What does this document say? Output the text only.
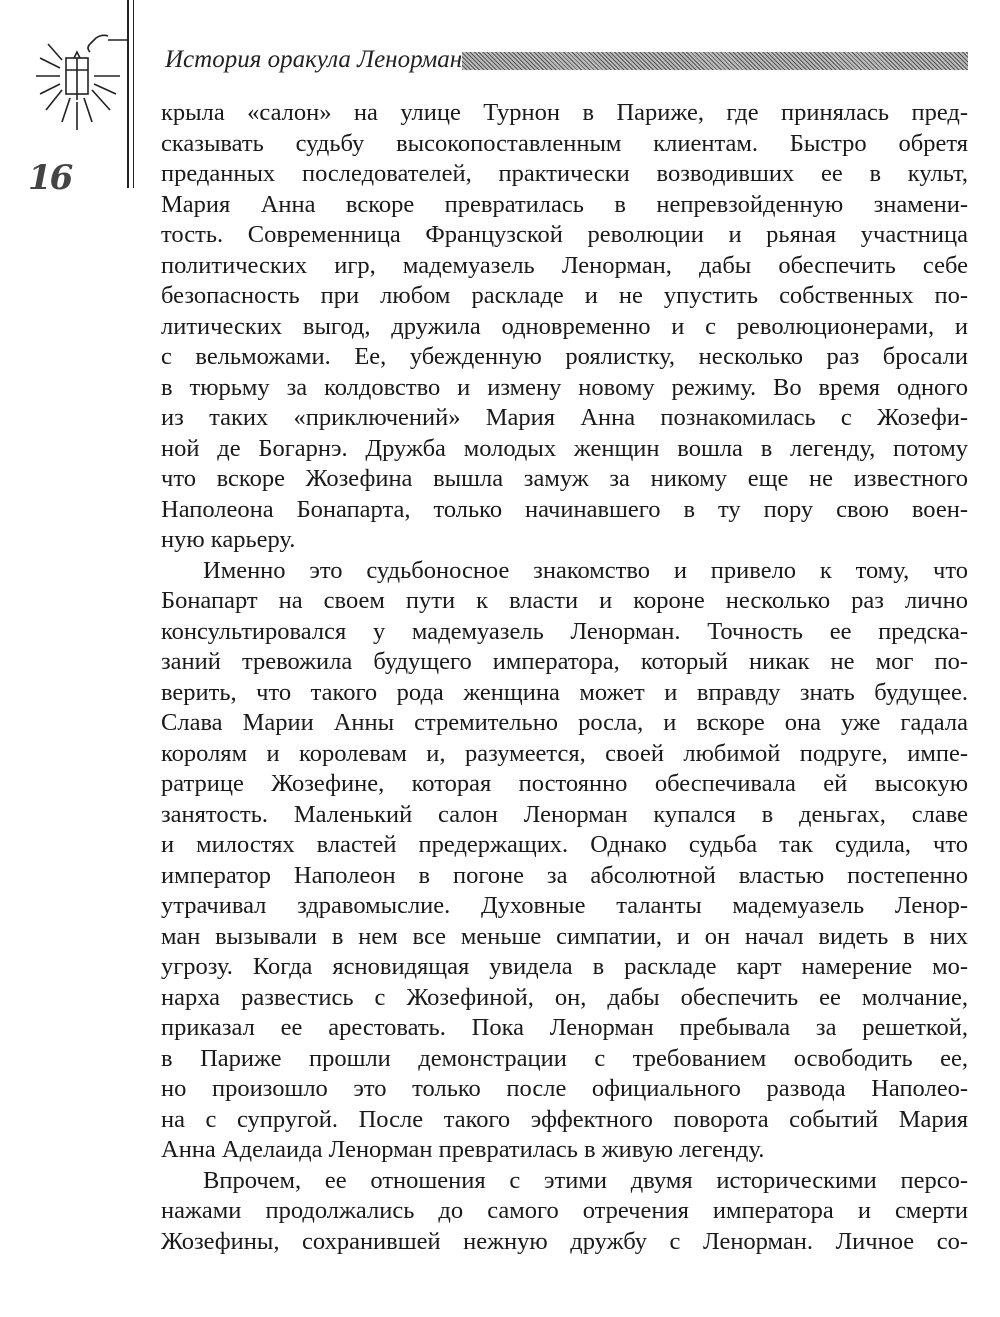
16
История оракула Ленорман
крыла «салон» на улице Турнон в Париже, где принялась пред-
сказывать судьбу высокопоставленным клиентам. Быстро обретя
преданных последователей, практически возводивших ее в культ,
Мария Анна вскоре превратилась в непревзойденную знамени-
тость. Современница Французской революции и рьяная участница
политических игр, мадемуазель Ленорман, дабы обеспечить себе
безопасность при любом раскладе и не упустить собственных по-
литических выгод, дружила одновременно и с революционерами, и
с вельможами. Ее, убежденную роялистку, несколько раз бросали
в тюрьму за колдовство и измену новому режиму. Во время одного
из таких «приключений» Мария Анна познакомилась с Жозефи-
ной де Богарнэ. Дружба молодых женщин вошла в легенду, потому
что вскоре Жозефина вышла замуж за никому еще не известного
Наполеона Бонапарта, только начинавшего в ту пору свою воен-
ную карьеру.
Именно это судьбоносное знакомство и привело к тому, что
Бонапарт на своем пути к власти и короне несколько раз лично
консультировался у мадемуазель Ленорман. Точность ее предска-
заний тревожила будущего императора, который никак не мог по-
верить, что такого рода женщина может и вправду знать будущее.
Слава Марии Анны стремительно росла, и вскоре она уже гадала
королям и королевам и, разумеется, своей любимой подруге, импе-
ратрице Жозефине, которая постоянно обеспечивала ей высокую
занятость. Маленький салон Ленорман купался в деньгах, славе
и милостях властей предержащих. Однако судьба так судила, что
император Наполеон в погоне за абсолютной властью постепенно
утрачивал здравомыслие. Духовные таланты мадемуазель Ленор-
ман вызывали в нем все меньше симпатии, и он начал видеть в них
угрозу. Когда ясновидящая увидела в раскладе карт намерение мо-
нарха развестись с Жозефиной, он, дабы обеспечить ее молчание,
приказал ее арестовать. Пока Ленорман пребывала за решеткой,
в Париже прошли демонстрации с требованием освободить ее,
но произошло это только после официального развода Наполео-
на с супругой. После такого эффектного поворота событий Мария
Анна Аделаида Ленорман превратилась в живую легенду.
Впрочем, ее отношения с этими двумя историческими персо-
нажами продолжались до самого отречения императора и смерти
Жозефины, сохранившей нежную дружбу с Ленорман. Личное со-
